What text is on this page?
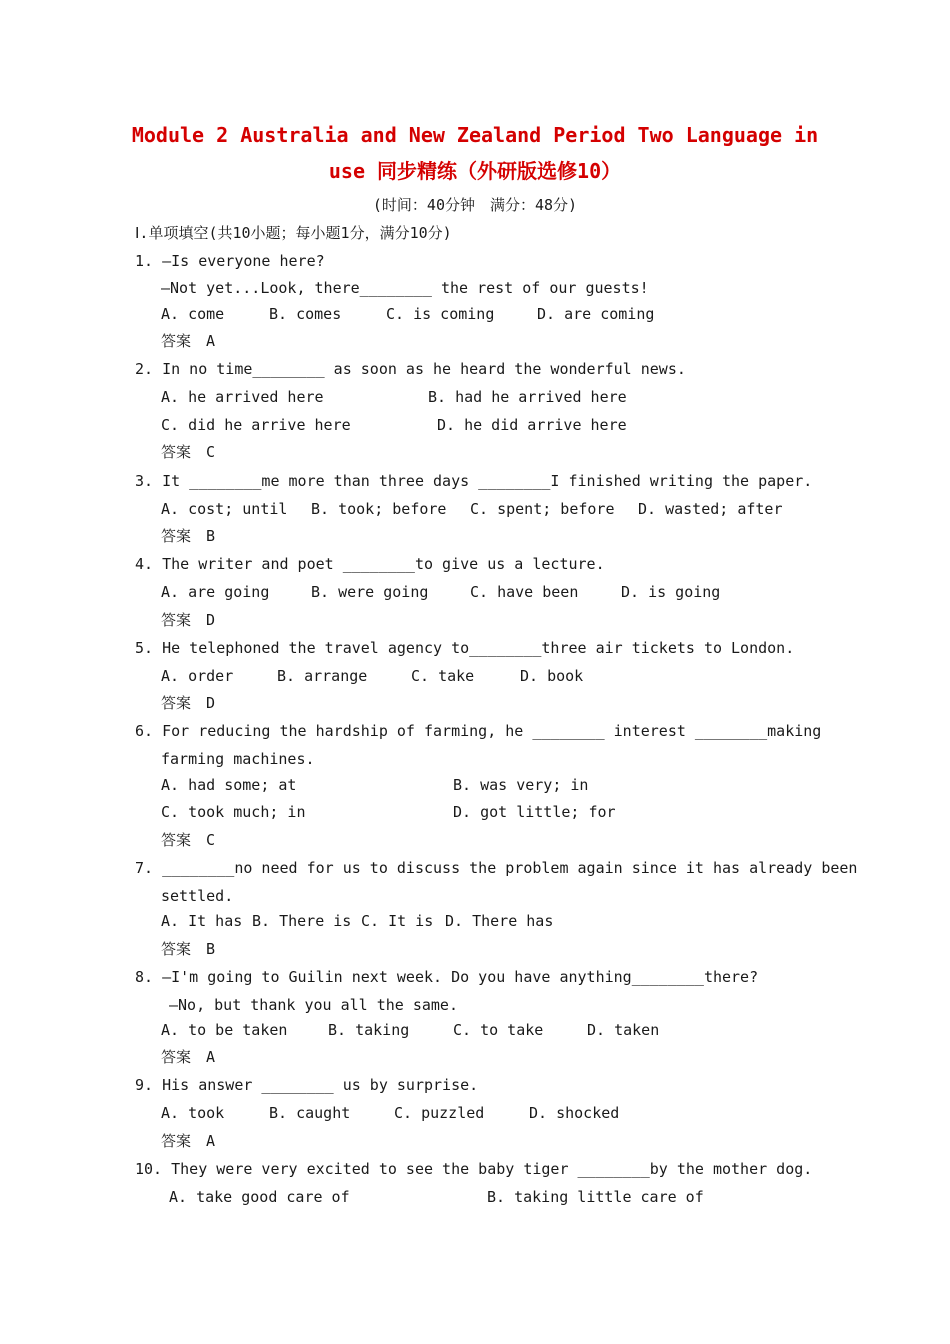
Module 2 Australia and New Zealand Period Two Language in
use 同步精练（外研版选修10）
(时间：40分钟　满分：48分)
Ⅰ.单项填空(共10小题；每小题1分，满分10分)
1. —Is everyone here?
—Not yet...Look, there________ the rest of our guests!
A. come	B. comes	C. is coming	D. are coming
答案　A
2. In no time________ as soon as he heard the wonderful news.
A. he arrived here	B. had he arrived here
C. did he arrive here	D. he did arrive here
答案　C
3. It ________me more than three days ________I finished writing the paper.
A. cost; until B. took; before C. spent; before D. wasted; after
答案　B
4. The writer and poet ________to give us a lecture.
A. are going	B. were going	C. have been	D. is going
答案　D
5. He telephoned the travel agency to________three air tickets to London.
A. order	B. arrange	C. take	D. book
答案　D
6. For reducing the hardship of farming, he ________ interest ________making
farming machines.
A. had some; at	B. was very; in
C. took much; in	D. got little; for
答案　C
7. ________no need for us to discuss the problem again since it has already been
settled.
A. It has B. There is C. It is D. There has
答案　B
8. —I'm going to Guilin next week. Do you have anything________there?
—No, but thank you all the same.
A. to be taken	B. taking	C. to take	D. taken
答案　A
9. His answer ________ us by surprise.
A. took	B. caught	C. puzzled	D. shocked
答案　A
10. They were very excited to see the baby tiger ________by the mother dog.
A. take good care of	B. taking little care of
